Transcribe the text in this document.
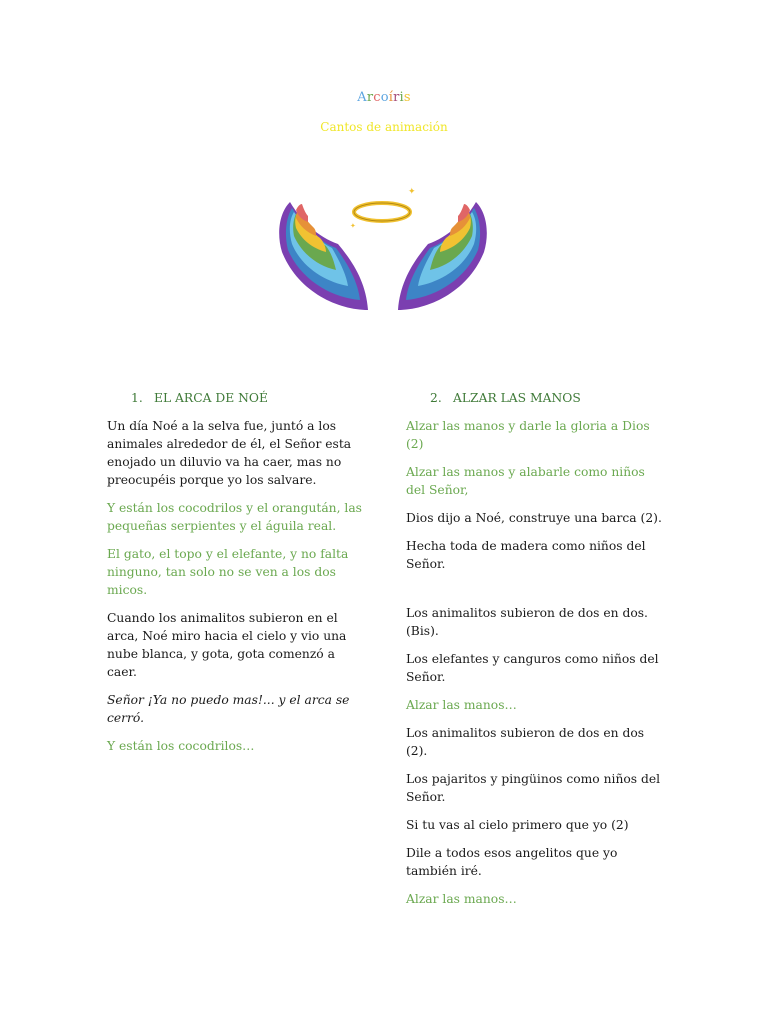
Arcoíris
Cantos de animación
✦
✦
1. EL ARCA DE NOÉ

Un día Noé a la selva fue, juntó a los animales alrededor de él, el Señor esta enojado un diluvio va ha caer, mas no preocupéis porque yo los salvare.

Y están los cocodrilos y el orangután, las pequeñas serpientes y el águila real.

El gato, el topo y el elefante, y no falta ninguno, tan solo no se ven a los dos micos.

Cuando los animalitos subieron en el arca, Noé miro hacia el cielo y vio una nube blanca, y gota, gota comenzó a caer.

Señor ¡Ya no puedo mas!... y el arca se cerró.

Y están los cocodrilos…

2. ALZAR LAS MANOS

Alzar las manos y darle la gloria a Dios (2)

Alzar las manos y alabarle como niños del Señor,

Dios dijo a Noé, construye una barca (2).

Hecha toda de madera como niños del Señor.

Los animalitos subieron de dos en dos. (Bis).

Los elefantes y canguros como niños del Señor.

Alzar las manos…

Los animalitos subieron de dos en dos (2).

Los pajaritos y pingüinos como niños del Señor.

Si tu vas al cielo primero que yo (2)

Dile a todos esos angelitos que yo también iré.

Alzar las manos…
